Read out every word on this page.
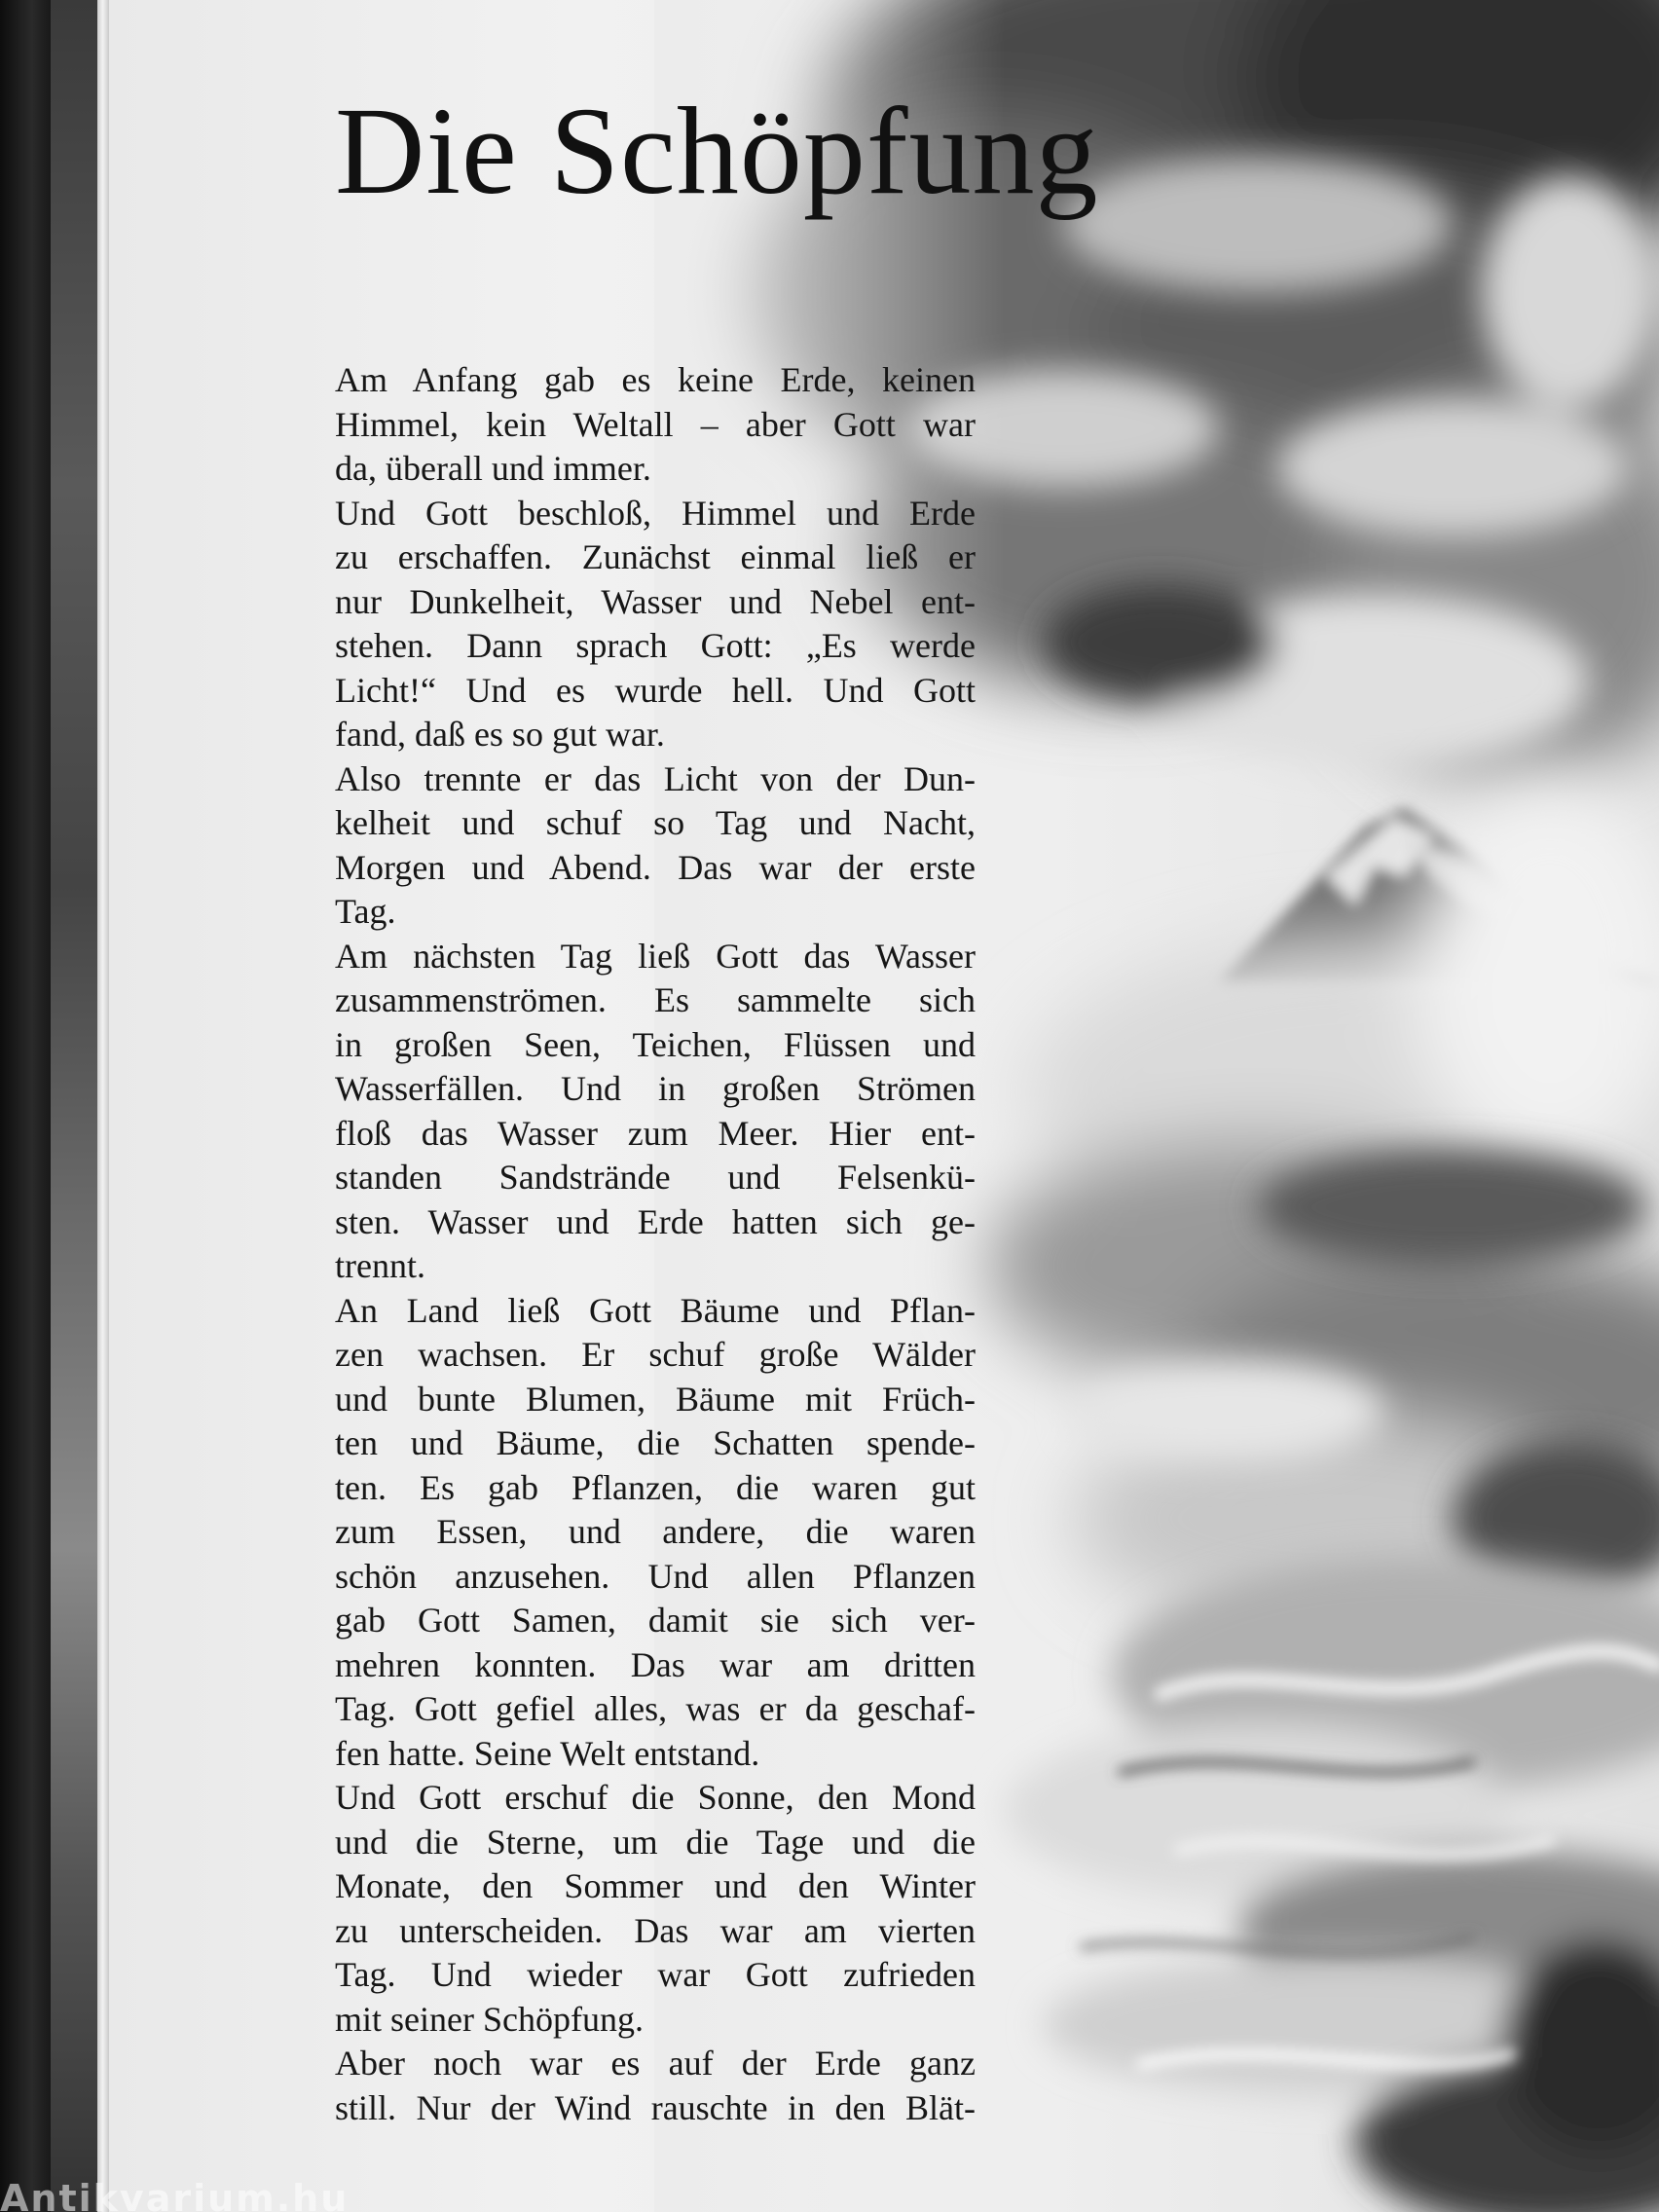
Die Schöpfung
Am Anfang gab es keine Erde, keinen
Himmel, kein Weltall – aber Gott war
da, überall und immer.
Und Gott beschloß, Himmel und Erde
zu erschaffen. Zunächst einmal ließ er
nur Dunkelheit, Wasser und Nebel ent-
stehen. Dann sprach Gott: „Es werde
Licht!“ Und es wurde hell. Und Gott
fand, daß es so gut war.
Also trennte er das Licht von der Dun-
kelheit und schuf so Tag und Nacht,
Morgen und Abend. Das war der erste
Tag.
Am nächsten Tag ließ Gott das Wasser
zusammenströmen. Es sammelte sich
in großen Seen, Teichen, Flüssen und
Wasserfällen. Und in großen Strömen
floß das Wasser zum Meer. Hier ent-
standen Sandstrände und Felsenkü-
sten. Wasser und Erde hatten sich ge-
trennt.
An Land ließ Gott Bäume und Pflan-
zen wachsen. Er schuf große Wälder
und bunte Blumen, Bäume mit Früch-
ten und Bäume, die Schatten spende-
ten. Es gab Pflanzen, die waren gut
zum Essen, und andere, die waren
schön anzusehen. Und allen Pflanzen
gab Gott Samen, damit sie sich ver-
mehren konnten. Das war am dritten
Tag. Gott gefiel alles, was er da geschaf-
fen hatte. Seine Welt entstand.
Und Gott erschuf die Sonne, den Mond
und die Sterne, um die Tage und die
Monate, den Sommer und den Winter
zu unterscheiden. Das war am vierten
Tag. Und wieder war Gott zufrieden
mit seiner Schöpfung.
Aber noch war es auf der Erde ganz
still. Nur der Wind rauschte in den Blät-
Antikvarium.hu
